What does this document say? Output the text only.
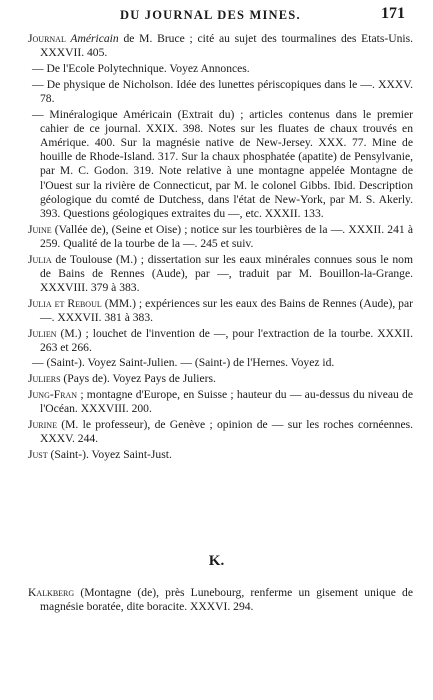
DU JOURNAL DES MINES.	171

Journal Américain de M. Bruce ; cité au sujet des tourmalines des Etats-Unis. XXXVII. 405.

— De l'Ecole Polytechnique. Voyez Annonces.

— De physique de Nicholson. Idée des lunettes périscopiques dans le —. XXXV. 78.

— Minéralogique Américain (Extrait du) ; articles contenus dans le premier cahier de ce journal. XXIX. 398. Notes sur les fluates de chaux trouvés en Amérique. 400. Sur la magnésie native de New-Jersey. XXX. 77. Mine de houille de Rhode-Island. 317. Sur la chaux phosphatée (apatite) de Pensylvanie, par M. C. Godon. 319. Note relative à une montagne appelée Montagne de l'Ouest sur la rivière de Connecticut, par M. le colonel Gibbs. Ibid. Description géologique du comté de Dutchess, dans l'état de New-York, par M. S. Akerly. 393. Questions géologiques extraites du —, etc. XXXII. 133.

Juine (Vallée de), (Seine et Oise) ; notice sur les tourbières de la —. XXXII. 241 à 259. Qualité de la tourbe de la —. 245 et suiv.

Julia de Toulouse (M.) ; dissertation sur les eaux minérales connues sous le nom de Bains de Rennes (Aude), par —, traduit par M. Bouillon-la-Grange. XXXVIII. 379 à 383.

Julia et Reboul (MM.) ; expériences sur les eaux des Bains de Rennes (Aude), par —. XXXVII. 381 à 383.

Julien (M.) ; louchet de l'invention de —, pour l'extraction de la tourbe. XXXII. 263 et 266.

— (Saint-). Voyez Saint-Julien. — (Saint-) de l'Hernes. Voyez id.

Juliers (Pays de). Voyez Pays de Juliers.

Jung-Fran ; montagne d'Europe, en Suisse ; hauteur du — au-dessus du niveau de l'Océan. XXXVIII. 200.

Jurine (M. le professeur), de Genève ; opinion de — sur les roches cornéennes. XXXV. 244.

Just (Saint-). Voyez Saint-Just.

K.

Kalkberg (Montagne (de), près Lunebourg, renferme un gisement unique de magnésie boratée, dite boracite. XXXVI. 294.
